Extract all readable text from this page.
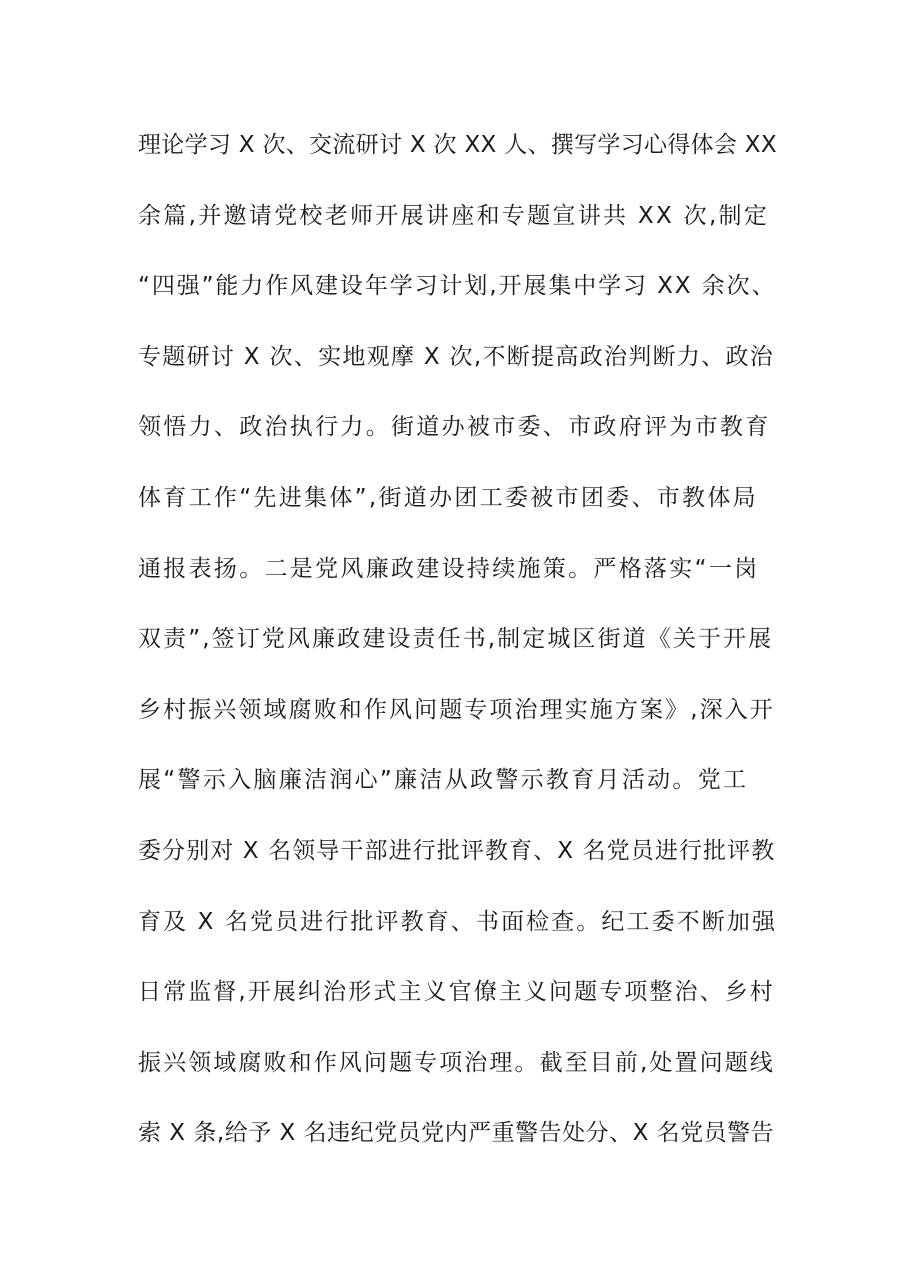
理论学习 X 次、交流研讨 X 次 XX 人、撰写学习心得体会 XX
余篇,并邀请党校老师开展讲座和专题宣讲共 XX 次,制定
“四强”能力作风建设年学习计划,开展集中学习 XX 余次、
专题研讨 X 次、实地观摩 X 次,不断提高政治判断力、政治
领悟力、政治执行力。街道办被市委、市政府评为市教育
体育工作“先进集体”,街道办团工委被市团委、市教体局
通报表扬。二是党风廉政建设持续施策。严格落实“一岗
双责”,签订党风廉政建设责任书,制定城区街道《关于开展
乡村振兴领域腐败和作风问题专项治理实施方案》,深入开
展“警示入脑廉洁润心”廉洁从政警示教育月活动。党工
委分别对 X 名领导干部进行批评教育、X 名党员进行批评教
育及 X 名党员进行批评教育、书面检查。纪工委不断加强
日常监督,开展纠治形式主义官僚主义问题专项整治、乡村
振兴领域腐败和作风问题专项治理。截至目前,处置问题线
索 X 条,给予 X 名违纪党员党内严重警告处分、X 名党员警告
